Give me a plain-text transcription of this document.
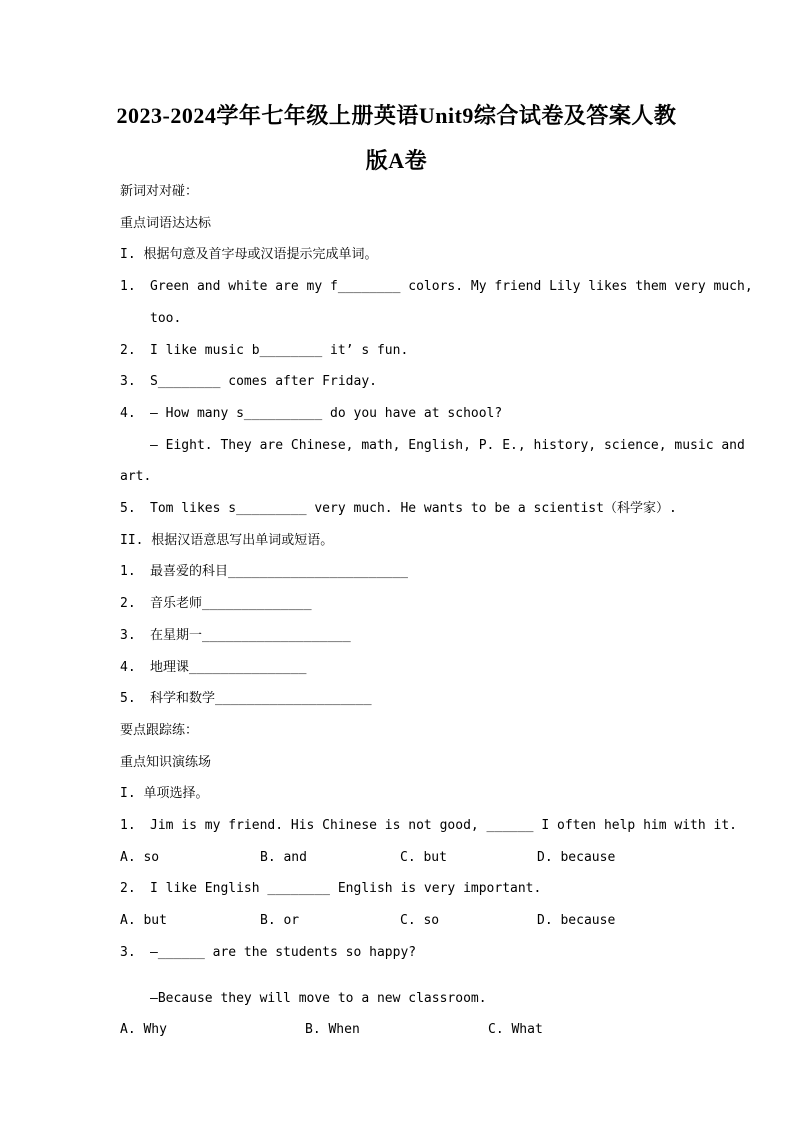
2023-2024学年七年级上册英语Unit9综合试卷及答案人教
版A卷
新词对对碰：
重点词语达达标
I. 根据句意及首字母或汉语提示完成单词。
1.	Green and white are my f________ colors. My friend Lily likes them very much,
too.
2.	I like music b________ it’ s fun.
3.	S________ comes after Friday.
4.	— How many s__________ do you have at school?
— Eight. They are Chinese, math, English, P. E., history, science, music and
art.
5.	Tom likes s_________ very much. He wants to be a scientist（科学家）.
II. 根据汉语意思写出单词或短语。
1.	最喜爱的科目_______________________
2.	音乐老师______________
3.	在星期一___________________
4.	地理课_______________
5.	科学和数学____________________
要点跟踪练：
重点知识演练场
I. 单项选择。
1.	Jim is my friend. His Chinese is not good, ______ I often help him with it.
A. so	B. and	C. but	D. because
2.	I like English ________ English is very important.
A. but	B. or	C. so	D. because
3.	—______ are the students so happy?
—Because they will move to a new classroom.
A. Why	B. When	C. What
